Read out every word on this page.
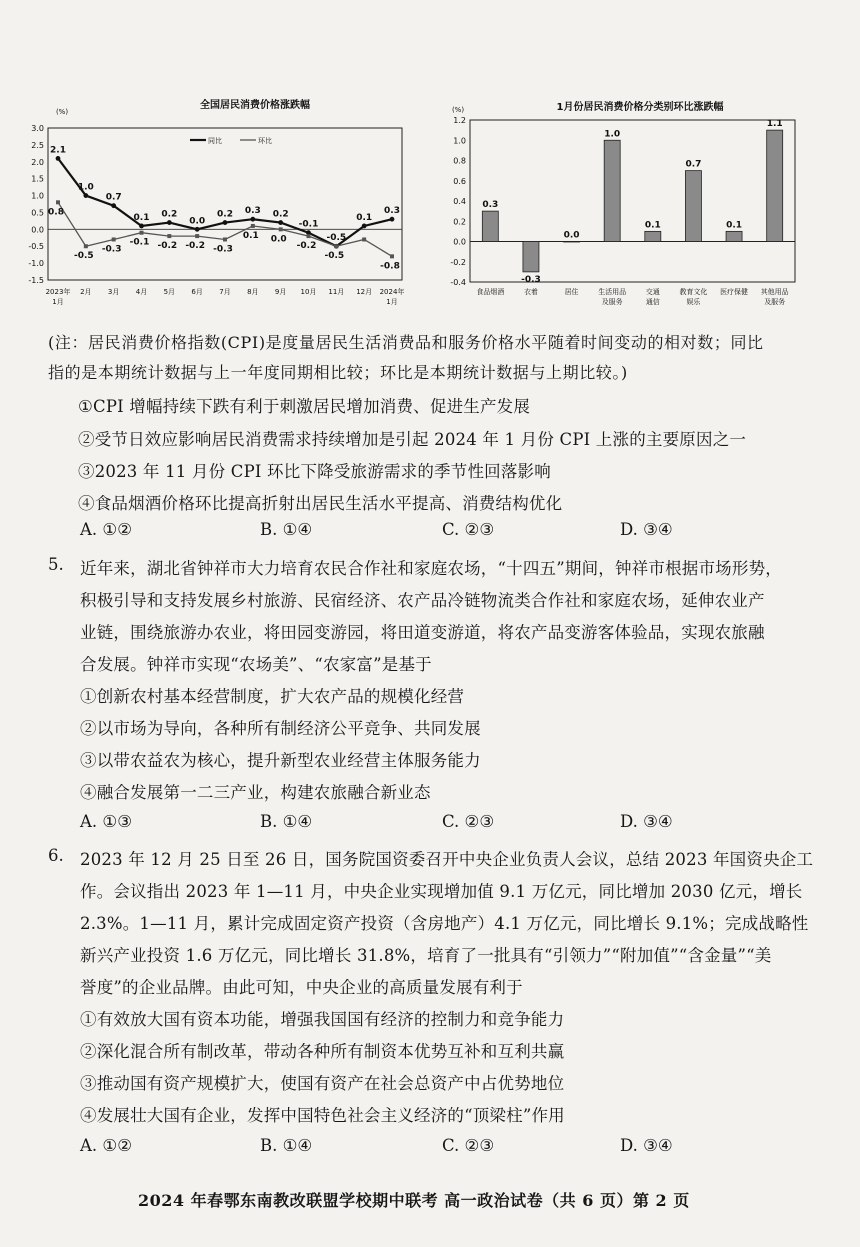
全国居民消费价格涨跌幅
(%)
3.0
2.5
2.0
1.5
1.0
0.5
0.0
-0.5
-1.0
-1.5
2023年
1月
2月 3月 4月 5月 6月 7月 8月 9月 10月 11月 12月 2024年
1月
同比	环比
2.1
1.0
0.7
0.1 0.2
0.0
0.2 0.3 0.2
-0.1
-0.5
0.1
0.3
0.8
-0.5
-0.3
-0.1 -0.2 -0.2 -0.3
0.1 0.0
-0.2
-0.5
-0.8
1月份居民消费价格分类别环比涨跌幅
(%)
1.2
1.0
0.8
0.6
0.4
0.2
0.0
-0.2
-0.4
0.3
食品烟酒
-0.3
衣着
0.0
居住
1.0
生活用品
及服务
0.1
交通
通信
0.7
教育文化
娱乐
0.1
医疗保健
1.1
其他用品
及服务
(注：居民消费价格指数(CPI)是度量居民生活消费品和服务价格水平随着时间变动的相对数；同比
指的是本期统计数据与上一年度同期相比较；环比是本期统计数据与上期比较。)
①CPI 增幅持续下跌有利于刺激居民增加消费、促进生产发展
②受节日效应影响居民消费需求持续增加是引起 2024 年 1 月份 CPI 上涨的主要原因之一
③2023 年 11 月份 CPI 环比下降受旅游需求的季节性回落影响
④食品烟酒价格环比提高折射出居民生活水平提高、消费结构优化
A. ①②	B. ①④	C. ②③	D. ③④
5. 近年来，湖北省钟祥市大力培育农民合作社和家庭农场，“十四五”期间，钟祥市根据市场形势，
积极引导和支持发展乡村旅游、民宿经济、农产品冷链物流类合作社和家庭农场，延伸农业产
业链，围绕旅游办农业，将田园变游园，将田道变游道，将农产品变游客体验品，实现农旅融
合发展。钟祥市实现“农场美”、“农家富”是基于
①创新农村基本经营制度，扩大农产品的规模化经营
②以市场为导向，各种所有制经济公平竞争、共同发展
③以带农益农为核心，提升新型农业经营主体服务能力
④融合发展第一二三产业，构建农旅融合新业态
A. ①③	B. ①④	C. ②③	D. ③④
6. 2023 年 12 月 25 日至 26 日，国务院国资委召开中央企业负责人会议，总结 2023 年国资央企工
作。会议指出 2023 年 1—11 月，中央企业实现增加值 9.1 万亿元，同比增加 2030 亿元，增长
2.3%。1—11 月，累计完成固定资产投资（含房地产）4.1 万亿元，同比增长 9.1%；完成战略性
新兴产业投资 1.6 万亿元，同比增长 31.8%，培育了一批具有“引领力”“附加值”“含金量”“美
誉度”的企业品牌。由此可知，中央企业的高质量发展有利于
①有效放大国有资本功能，增强我国国有经济的控制力和竞争能力
②深化混合所有制改革，带动各种所有制资本优势互补和互利共赢
③推动国有资产规模扩大，使国有资产在社会总资产中占优势地位
④发展壮大国有企业，发挥中国特色社会主义经济的“顶梁柱”作用
A. ①②	B. ①④	C. ②③	D. ③④
2024 年春鄂东南教改联盟学校期中联考 高一政治试卷（共 6 页）第 2 页
